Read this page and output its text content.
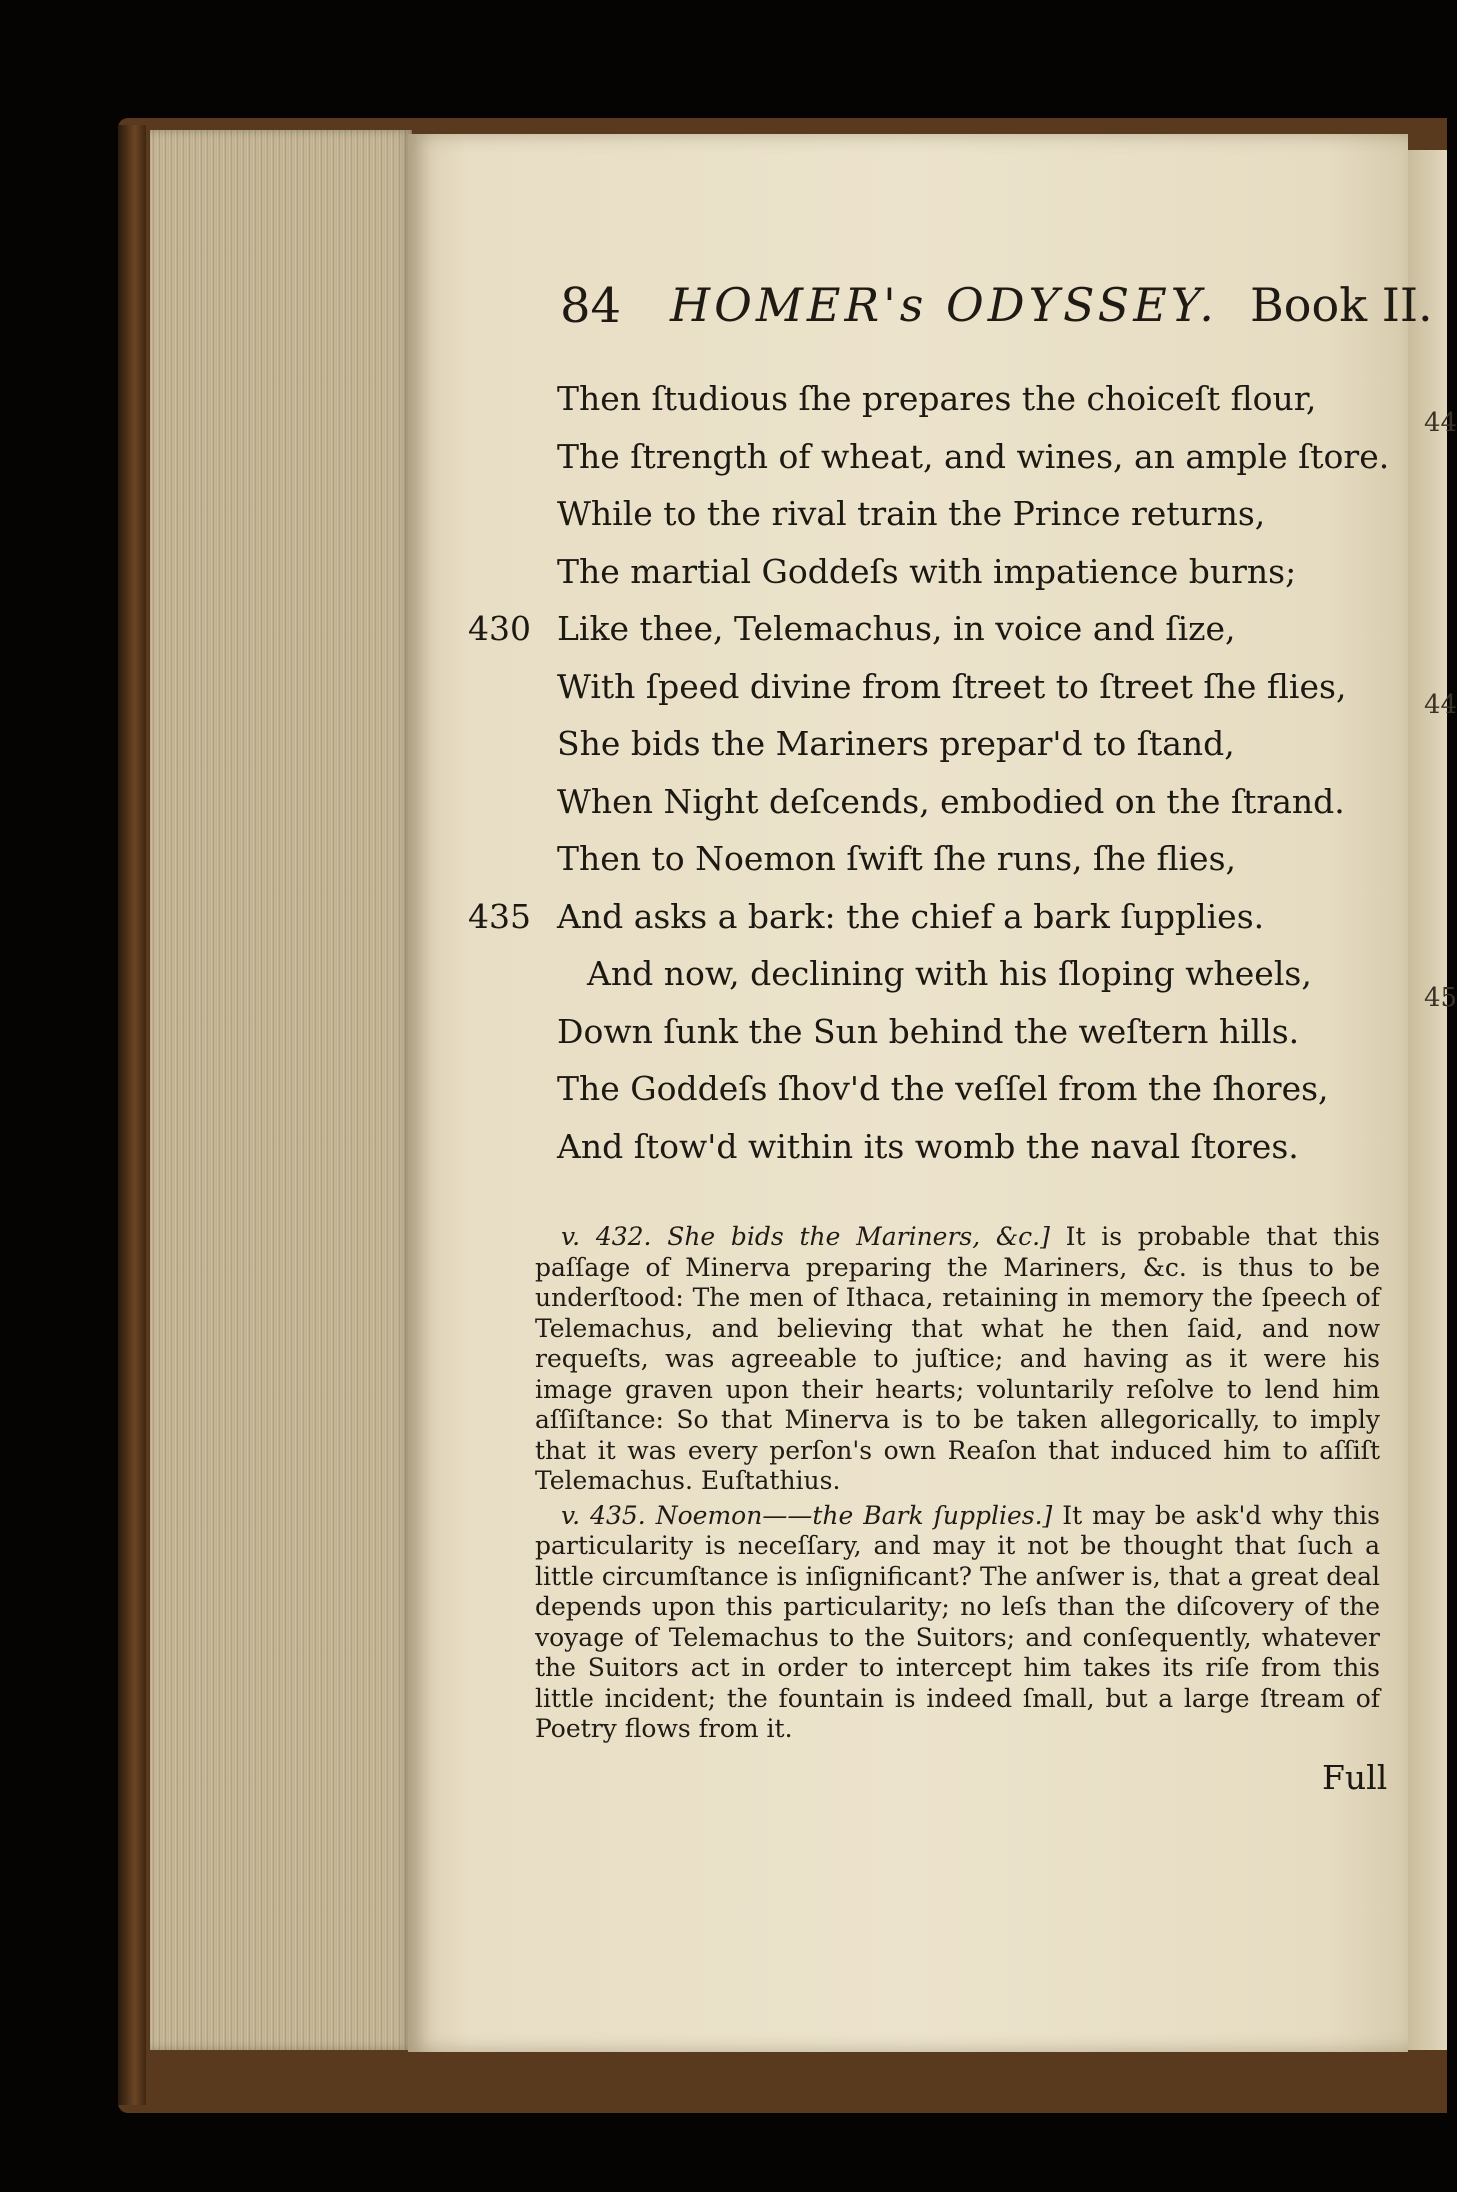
44
44
45
84 HOMER's ODYSSEY. Book II.
Then ſtudious ſhe prepares the choiceſt flour,
The ſtrength of wheat, and wines, an ample ſtore.
While to the rival train the Prince returns,
The martial Goddeſs with impatience burns;
430 Like thee, Telemachus, in voice and ſize,
With ſpeed divine from ſtreet to ſtreet ſhe flies,
She bids the Mariners prepar'd to ſtand,
When Night deſcends, embodied on the ſtrand.
Then to Noemon ſwift ſhe runs, ſhe flies,
435 And asks a bark: the chief a bark ſupplies.
And now, declining with his ſloping wheels,
Down ſunk the Sun behind the weſtern hills.
The Goddeſs ſhov'd the veſſel from the ſhores,
And ſtow'd within its womb the naval ſtores.

v. 432. She bids the Mariners, &c.] It is probable that this paſſage of Minerva preparing the Mariners, &c. is thus to be underſtood: The men of Ithaca, retaining in memory the ſpeech of Telemachus, and believing that what he then ſaid, and now requeſts, was agreeable to juſtice; and having as it were his image graven upon their hearts; voluntarily reſolve to lend him aſſiſtance: So that Minerva is to be taken allegorically, to imply that it was every perſon's own Reaſon that induced him to aſſiſt Telemachus. Euſtathius.

v. 435. Noemon——the Bark ſupplies.] It may be ask'd why this particularity is neceſſary, and may it not be thought that ſuch a little circumſtance is inſignificant? The anſwer is, that a great deal depends upon this particularity; no leſs than the diſcovery of the voyage of Telemachus to the Suitors; and conſequently, whatever the Suitors act in order to intercept him takes its riſe from this little incident; the fountain is indeed ſmall, but a large ſtream of Poetry flows from it.

Full
